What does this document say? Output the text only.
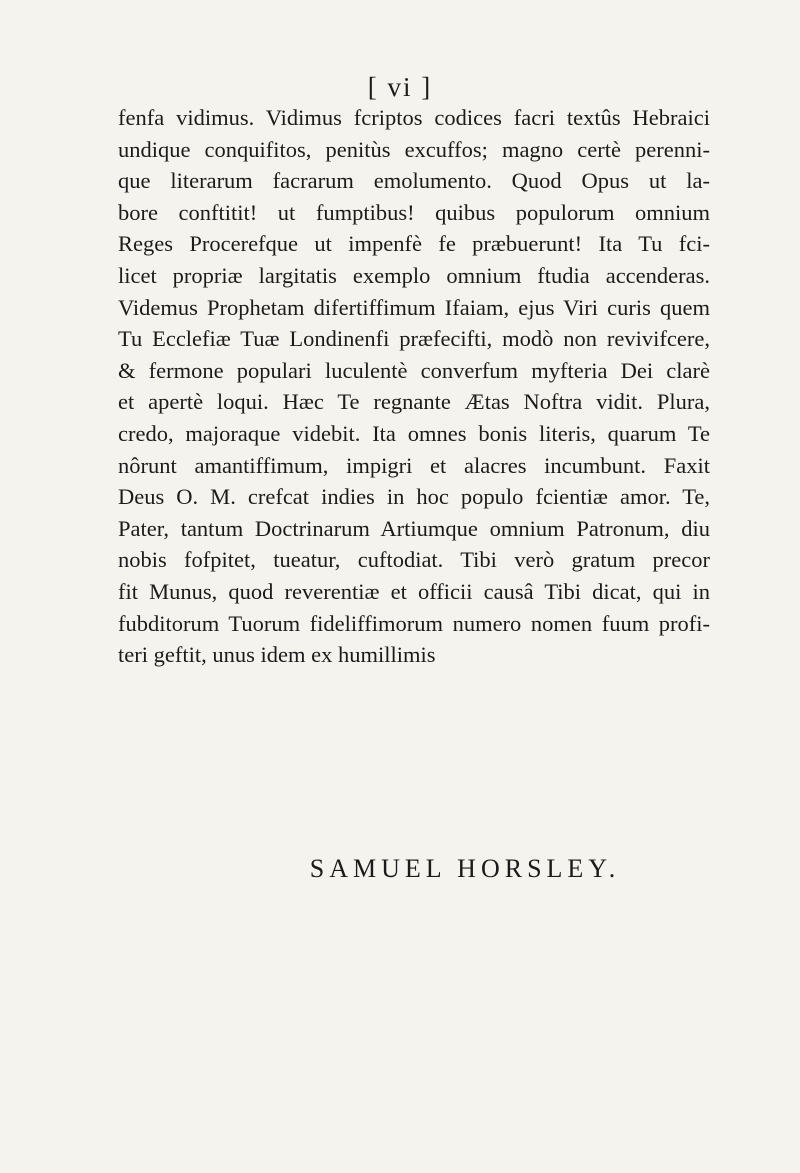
[ vi ]
fenfa vidimus. Vidimus fcriptos codices facri textûs Hebraici
undique conquifitos, penitùs excuffos; magno certè perenni-
que literarum facrarum emolumento. Quod Opus ut la-
bore conftitit! ut fumptibus! quibus populorum omnium
Reges Procerefque ut impenfè fe præbuerunt! Ita Tu fci-
licet propriæ largitatis exemplo omnium ftudia accenderas.
Videmus Prophetam difertiffimum Ifaiam, ejus Viri curis quem
Tu Ecclefiæ Tuæ Londinenfi præfecifti, modò non revivifcere,
& fermone populari luculentè converfum myfteria Dei clarè
et apertè loqui. Hæc Te regnante Ætas Noftra vidit. Plura,
credo, majoraque videbit. Ita omnes bonis literis, quarum Te
nôrunt amantiffimum, impigri et alacres incumbunt. Faxit
Deus O. M. crefcat indies in hoc populo fcientiæ amor. Te,
Pater, tantum Doctrinarum Artiumque omnium Patronum, diu
nobis fofpitet, tueatur, cuftodiat. Tibi verò gratum precor
fit Munus, quod reverentiæ et officii causâ Tibi dicat, qui in
fubditorum Tuorum fideliffimorum numero nomen fuum profi-
teri geftit, unus idem ex humillimis
SAMUEL HORSLEY.
